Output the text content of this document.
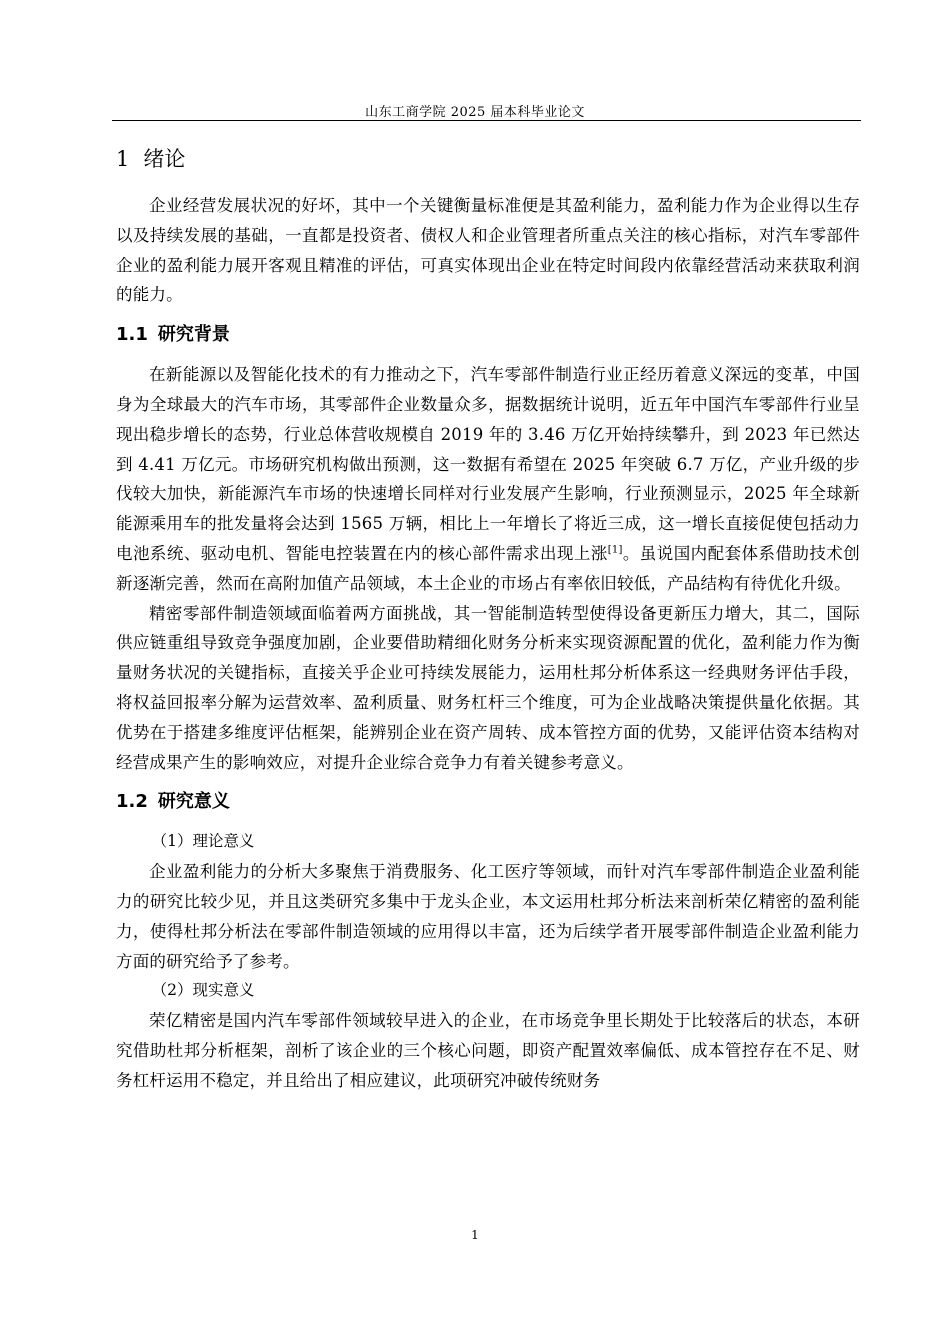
山东工商学院 2025 届本科毕业论文
1 绪论

企业经营发展状况的好坏，其中一个关键衡量标准便是其盈利能力，盈利能力作为企业得以生存以及持续发展的基础，一直都是投资者、债权人和企业管理者所重点关注的核心指标，对汽车零部件企业的盈利能力展开客观且精准的评估，可真实体现出企业在特定时间段内依靠经营活动来获取利润的能力。

1.1 研究背景

在新能源以及智能化技术的有力推动之下，汽车零部件制造行业正经历着意义深远的变革，中国身为全球最大的汽车市场，其零部件企业数量众多，据数据统计说明，近五年中国汽车零部件行业呈现出稳步增长的态势，行业总体营收规模自 2019 年的 3.46 万亿开始持续攀升，到 2023 年已然达到 4.41 万亿元。市场研究机构做出预测，这一数据有希望在 2025 年突破 6.7 万亿，产业升级的步伐较大加快，新能源汽车市场的快速增长同样对行业发展产生影响，行业预测显示，2025 年全球新能源乘用车的批发量将会达到 1565 万辆，相比上一年增长了将近三成，这一增长直接促使包括动力电池系统、驱动电机、智能电控装置在内的核心部件需求出现上涨[1]。虽说国内配套体系借助技术创新逐渐完善，然而在高附加值产品领域，本土企业的市场占有率依旧较低，产品结构有待优化升级。

精密零部件制造领域面临着两方面挑战，其一智能制造转型使得设备更新压力增大，其二，国际供应链重组导致竞争强度加剧，企业要借助精细化财务分析来实现资源配置的优化，盈利能力作为衡量财务状况的关键指标，直接关乎企业可持续发展能力，运用杜邦分析体系这一经典财务评估手段，将权益回报率分解为运营效率、盈利质量、财务杠杆三个维度，可为企业战略决策提供量化依据。其优势在于搭建多维度评估框架，能辨别企业在资产周转、成本管控方面的优势，又能评估资本结构对经营成果产生的影响效应，对提升企业综合竞争力有着关键参考意义。

1.2 研究意义

（1）理论意义

企业盈利能力的分析大多聚焦于消费服务、化工医疗等领域，而针对汽车零部件制造企业盈利能力的研究比较少见，并且这类研究多集中于龙头企业，本文运用杜邦分析法来剖析荣亿精密的盈利能力，使得杜邦分析法在零部件制造领域的应用得以丰富，还为后续学者开展零部件制造企业盈利能力方面的研究给予了参考。

（2）现实意义

荣亿精密是国内汽车零部件领域较早进入的企业，在市场竞争里长期处于比较落后的状态，本研究借助杜邦分析框架，剖析了该企业的三个核心问题，即资产配置效率偏低、成本管控存在不足、财务杠杆运用不稳定，并且给出了相应建议，此项研究冲破传统财务

1
